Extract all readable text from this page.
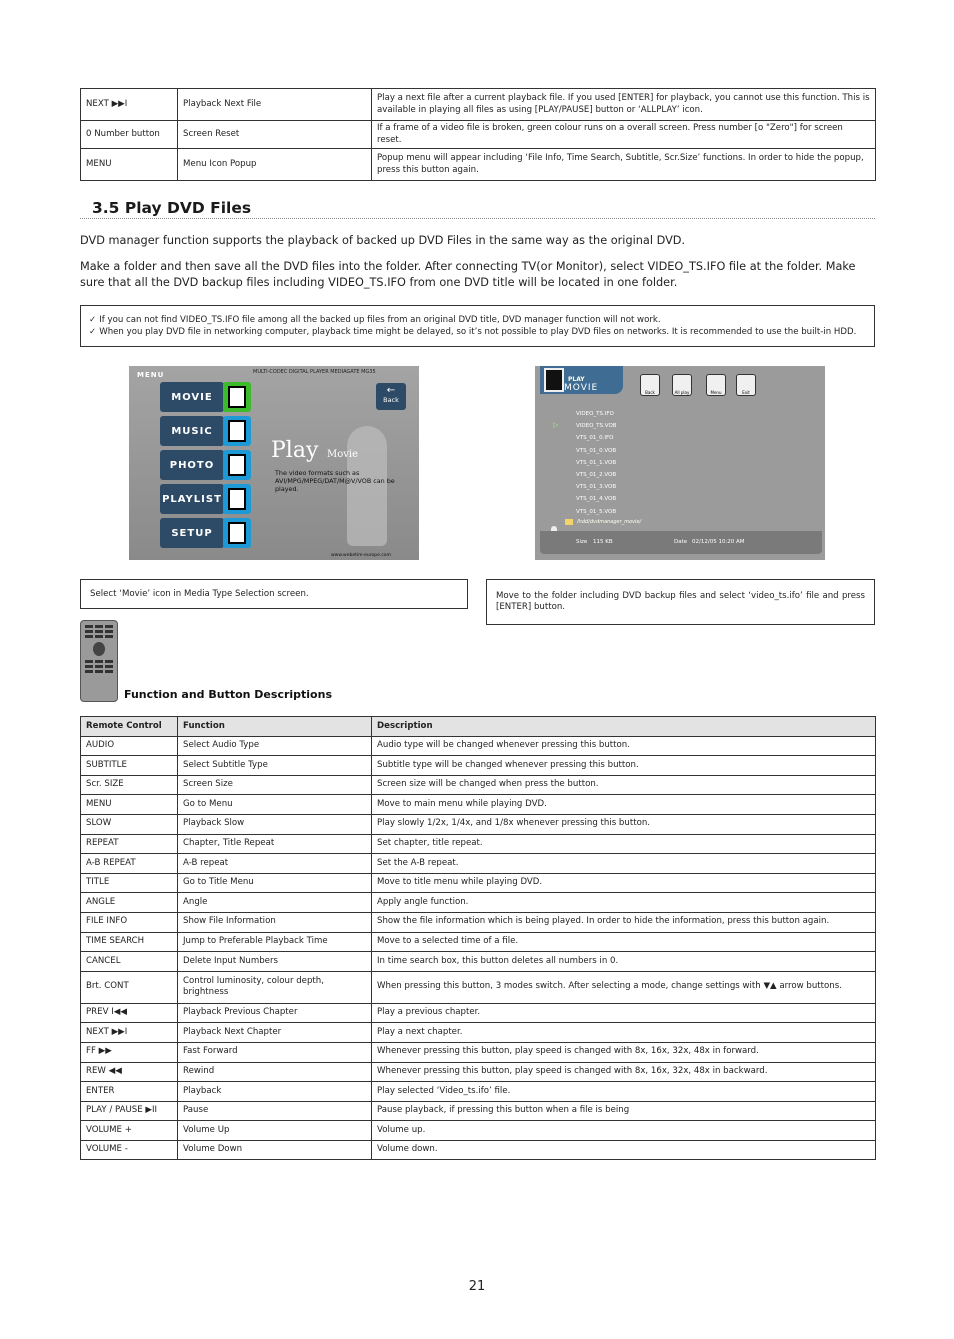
NEXT ▶▶I	Playback Next File	Play a next file after a current playback file. If you used [ENTER] for playback, you cannot use this function. This is available in playing all files as using [PLAY/PAUSE] button or ‘ALLPLAY’ icon.
0 Number button	Screen Reset	If a frame of a video file is broken, green colour runs on a overall screen. Press number [o "Zero"] for screen reset.
MENU	Menu Icon Popup	Popup menu will appear including ‘File Info, Time Search, Subtitle, Scr.Size’ functions. In order to hide the popup, press this button again.
3.5 Play DVD Files
DVD manager function supports the playback of backed up DVD Files in the same way as the original DVD.
Make a folder and then save all the DVD files into the folder. After connecting TV(or Monitor), select VIDEO_TS.IFO file at the folder. Make sure that all the DVD backup files including VIDEO_TS.IFO from one DVD title will be located in one folder.
✓ If you can not find VIDEO_TS.IFO file among all the backed up files from an original DVD title, DVD manager function will not work.
✓ When you play DVD file in networking computer, playback time might be delayed, so it’s not possible to play DVD files on networks. It is recommended to use the built-in HDD.
MENU	MULTI-CODEC DIGITAL PLAYER MEDIAGATE MG35
MOVIE
MUSIC
PHOTO
PLAYLIST
SETUP
←
Back
Play Movie
The video formats such as AVI/MPG/MPEG/DAT/M@V/VOB can be played.
www.webetim-europe.com
PLAY
MOVIE	Back	All play	Menu	Exit
▷
VIDEO_TS.IFO
VIDEO_TS.VOB
VTS_01_0.IFO
VTS_01_0.VOB
VTS_01_1.VOB
VTS_01_2.VOB
VTS_01_3.VOB
VTS_01_4.VOB
VTS_01_5.VOB
/hdd/dvdmanager_movie/
Size 115 KB	Date 02/12/05 10:20 AM
Select ‘Movie’ icon in Media Type Selection screen.	Move to the folder including DVD backup files and select ‘video_ts.ifo’ file and press [ENTER] button.
Function and Button Descriptions
Remote Control	Function	Description
AUDIO	Select Audio Type	Audio type will be changed whenever pressing this button.
SUBTITLE	Select Subtitle Type	Subtitle type will be changed whenever pressing this button.
Scr. SIZE	Screen Size	Screen size will be changed when press the button.
MENU	Go to Menu	Move to main menu while playing DVD.
SLOW	Playback Slow	Play slowly 1/2x, 1/4x, and 1/8x whenever pressing this button.
REPEAT	Chapter, Title Repeat	Set chapter, title repeat.
A-B REPEAT	A-B repeat	Set the A-B repeat.
TITLE	Go to Title Menu	Move to title menu while playing DVD.
ANGLE	Angle	Apply angle function.
FILE INFO	Show File Information	Show the file information which is being played. In order to hide the information, press this button again.
TIME SEARCH	Jump to Preferable Playback Time	Move to a selected time of a file.
CANCEL	Delete Input Numbers	In time search box, this button deletes all numbers in 0.
Brt. CONT	Control luminosity, colour depth, brightness	When pressing this button, 3 modes switch. After selecting a mode, change settings with ▼▲ arrow buttons.
PREV I◀◀	Playback Previous Chapter	Play a previous chapter.
NEXT ▶▶I	Playback Next Chapter	Play a next chapter.
FF ▶▶	Fast Forward	Whenever pressing this button, play speed is changed with 8x, 16x, 32x, 48x in forward.
REW ◀◀	Rewind	Whenever pressing this button, play speed is changed with 8x, 16x, 32x, 48x in backward.
ENTER	Playback	Play selected ‘Video_ts.ifo’ file.
PLAY / PAUSE ▶II	Pause	Pause playback, if pressing this button when a file is being
VOLUME +	Volume Up	Volume up.
VOLUME -	Volume Down	Volume down.
21
